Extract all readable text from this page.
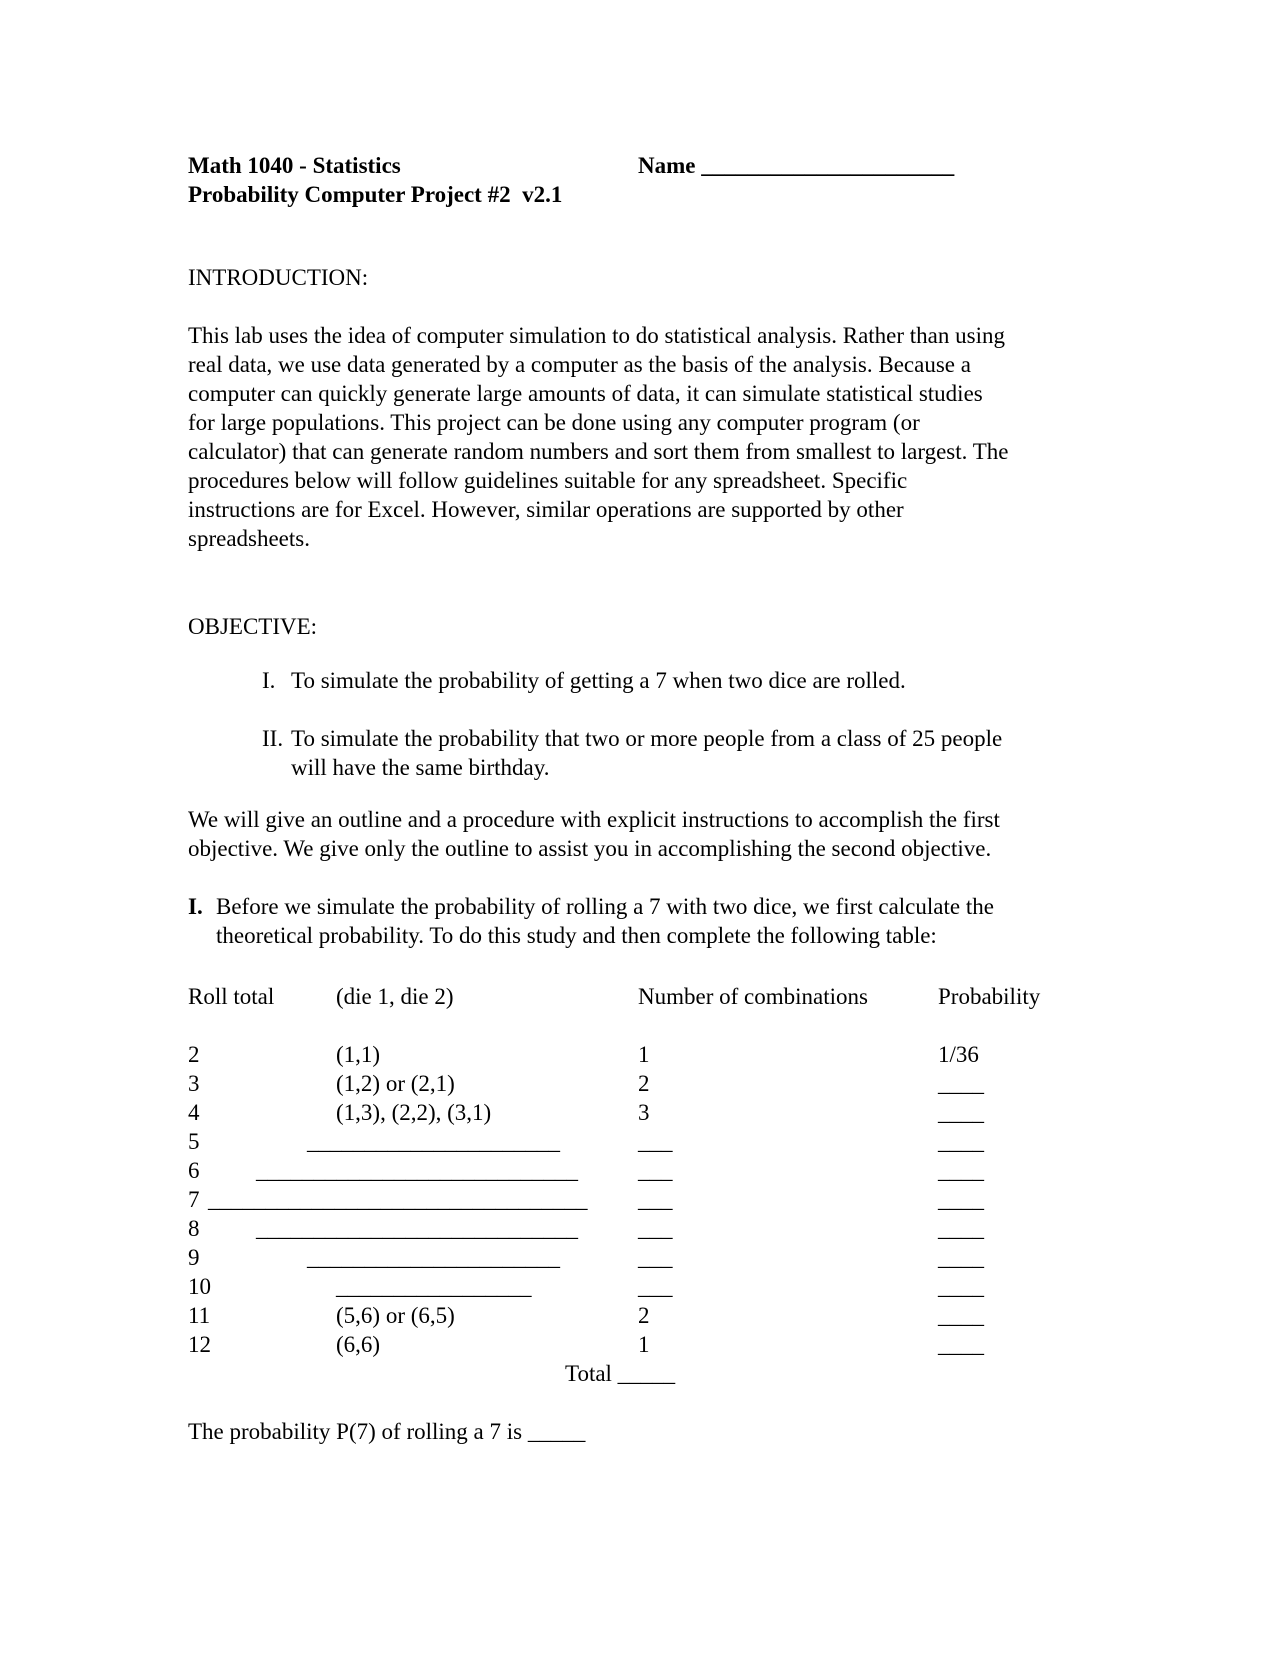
Math 1040 - Statistics	Name ______________________
Probability Computer Project #2  v2.1
INTRODUCTION:
This lab uses the idea of computer simulation to do statistical analysis. Rather than using
real data, we use data generated by a computer as the basis of the analysis. Because a
computer can quickly generate large amounts of data, it can simulate statistical studies
for large populations. This project can be done using any computer program (or
calculator) that can generate random numbers and sort them from smallest to largest. The
procedures below will follow guidelines suitable for any spreadsheet. Specific
instructions are for Excel. However, similar operations are supported by other
spreadsheets.
OBJECTIVE:
I. To simulate the probability of getting a 7 when two dice are rolled.
II. To simulate the probability that two or more people from a class of 25 people
will have the same birthday.
We will give an outline and a procedure with explicit instructions to accomplish the first
objective. We give only the outline to assist you in accomplishing the second objective.
I. Before we simulate the probability of rolling a 7 with two dice, we first calculate the
theoretical probability. To do this study and then complete the following table:
Roll total	(die 1, die 2)	Number of combinations	Probability
2	(1,1)	1	1/36
3	(1,2) or (2,1)	2	____
4	(1,3), (2,2), (3,1)	3	____
5	______________________	___	____
6 ____________________________	___	____
7 _________________________________ ___	____
8 ____________________________	___	____
9	______________________	___	____
10	_________________	___	____
11	(5,6) or (6,5)	2	____
12	(6,6)	1	____
Total _____
The probability P(7) of rolling a 7 is _____
